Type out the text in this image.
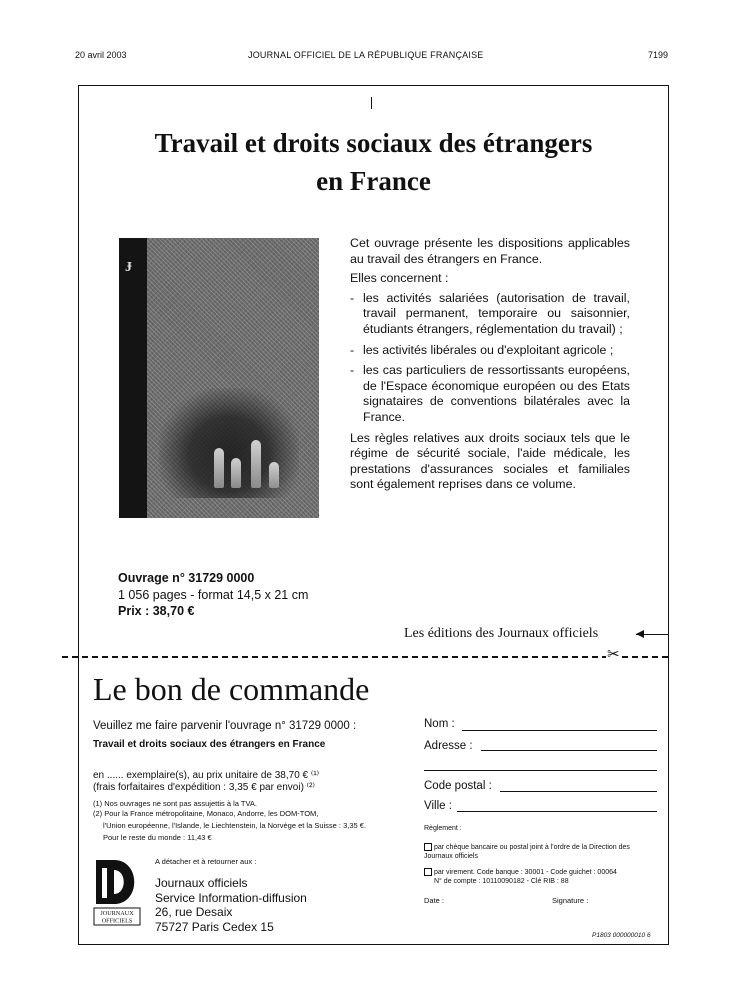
20 avril 2003	JOURNAL OFFICIEL DE LA RÉPUBLIQUE FRANÇAISE	7199
Travail et droits sociaux des étrangers
en France
Ɉ

Cet ouvrage présente les dispositions applicables au travail des étrangers en France.

Elles concernent :

- les activités salariées (autorisation de travail, travail permanent, temporaire ou saisonnier, étudiants étrangers, réglementation du travail) ;
- les activités libérales ou d'exploitant agricole ;
- les cas particuliers de ressortissants européens, de l'Espace économique européen ou des Etats signataires de conventions bilatérales avec la France.

Les règles relatives aux droits sociaux tels que le régime de sécurité sociale, l'aide médicale, les prestations d'assurances sociales et familiales sont également reprises dans ce volume.

Ouvrage n° 31729 0000
1 056 pages - format 14,5 x 21 cm
Prix : 38,70 €
Les éditions des Journaux officiels
✂
Le bon de commande
Veuillez me faire parvenir l'ouvrage n° 31729 0000 :
Travail et droits sociaux des étrangers en France
en ...... exemplaire(s), au prix unitaire de 38,70 € ⁽¹⁾
(frais forfaitaires d'expédition : 3,35 € par envoi) ⁽²⁾
(1) Nos ouvrages ne sont pas assujettis à la TVA.
(2) Pour la France métropolitaine, Monaco, Andorre, les DOM-TOM,
l'Union européenne, l'Islande, le Liechtenstein, la Norvège et la Suisse : 3,35 €.
Pour le reste du monde : 11,43 €
A détacher et à retourner aux :
JOURNAUX
OFFICIELS
Journaux officiels
Service Information-diffusion
26, rue Desaix
75727 Paris Cedex 15
Nom :
Adresse :
Code postal :
Ville :
Règlement :
par chèque bancaire ou postal joint à l'ordre de la Direction des Journaux officiels
par virement. Code banque : 30001 - Code guichet : 00064
N° de compte : 10110090182 - Clé RIB : 88
Date :	Signature :
P1803 000000010 6
